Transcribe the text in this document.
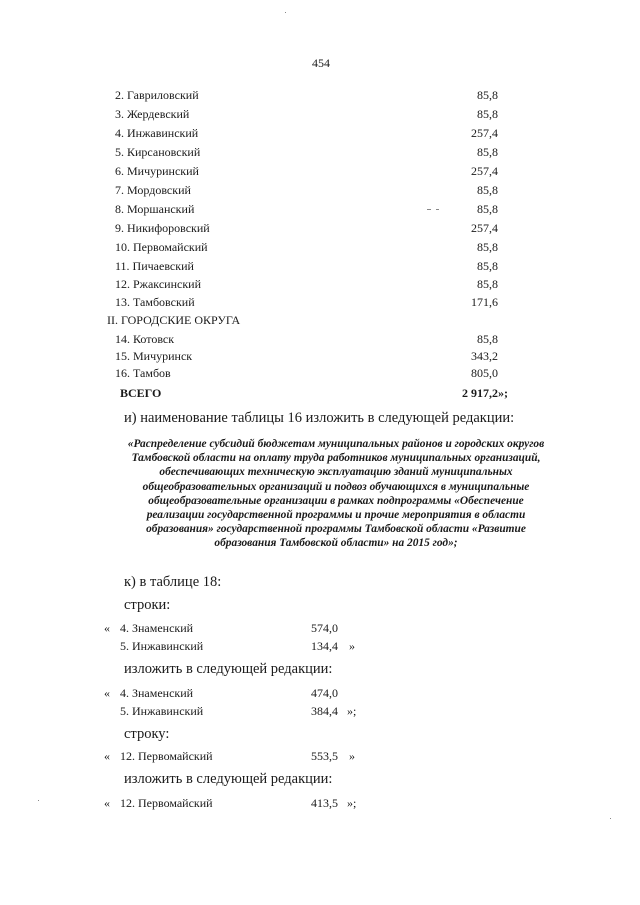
454
2. Гавриловский	85,8
3. Жердевский	85,8
4. Инжавинский	257,4
5. Кирсановский	85,8
6. Мичуринский	257,4
7. Мордовский	85,8
8. Моршанский	85,8
9. Никифоровский	257,4
10. Первомайский	85,8
11. Пичаевский	85,8
12. Ржаксинский	85,8
13. Тамбовский	171,6
II. ГОРОДСКИЕ ОКРУГА
14. Котовск	85,8
15. Мичуринск	343,2
16. Тамбов	805,0
ВСЕГО	2 917,2»;
и) наименование таблицы 16 изложить в следующей редакции:
«Распределение субсидий бюджетам муниципальных районов и городских округов
Тамбовской области на оплату труда работников муниципальных организаций,
обеспечивающих техническую эксплуатацию зданий муниципальных
общеобразовательных организаций и подвоз обучающихся в муниципальные
общеобразовательные организации в рамках подпрограммы «Обеспечение
реализации государственной программы и прочие мероприятия в области
образования» государственной программы Тамбовской области «Развитие
образования Тамбовской области» на 2015 год»;
к) в таблице 18:
строки:
« 4. Знаменский	574,0
5. Инжавинский	134,4 »
изложить в следующей редакции:
« 4. Знаменский	474,0
5. Инжавинский	384,4 »;
строку:
« 12. Первомайский	553,5 »
изложить в следующей редакции:
« 12. Первомайский	413,5 »;
